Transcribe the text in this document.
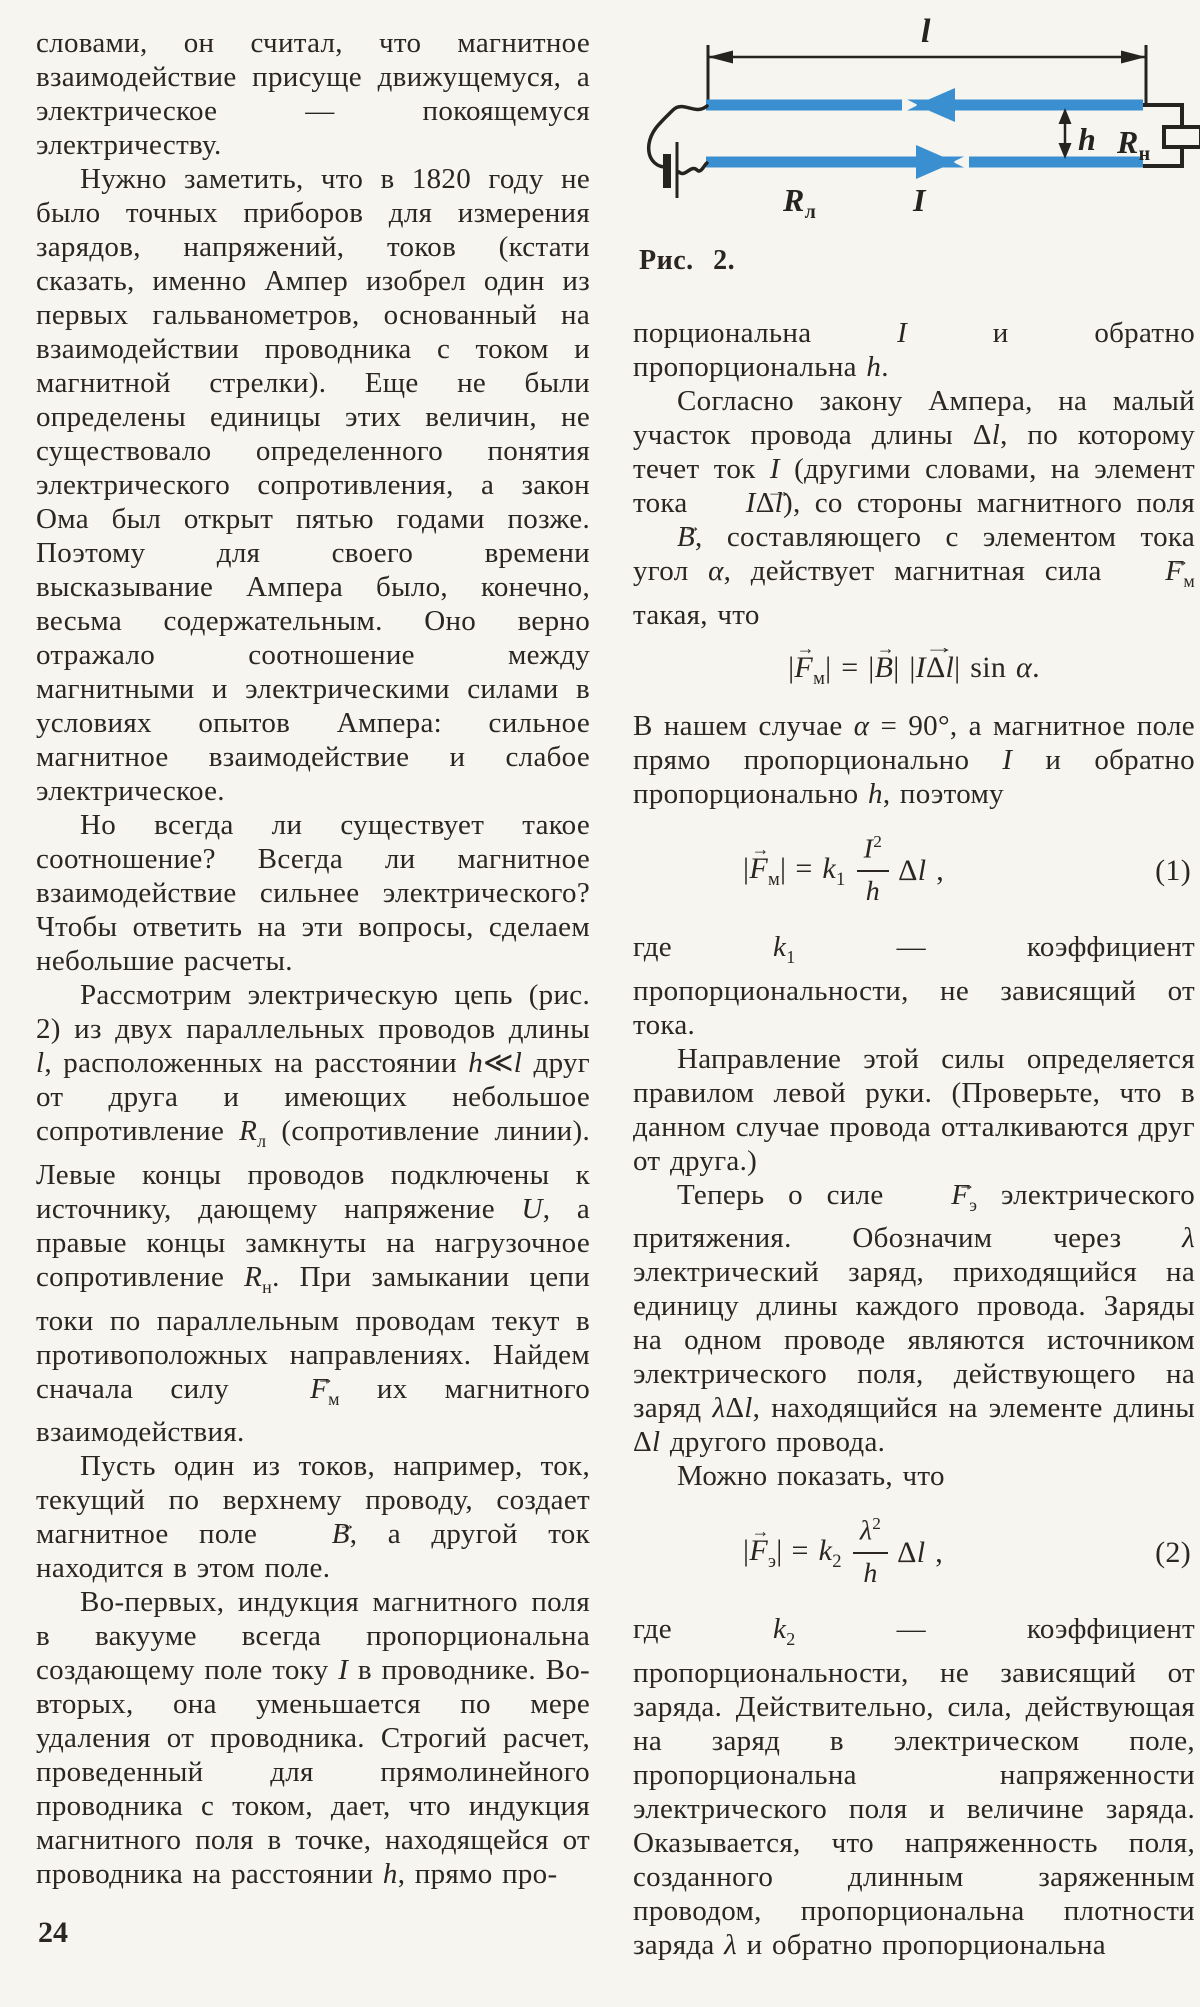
словами, он считал, что магнитное взаимодействие присуще движущемуся, а электрическое — покоящемуся электричеству.

Нужно заметить, что в 1820 году не было точных приборов для измерения зарядов, напряжений, токов (кстати сказать, именно Ампер изобрел один из первых гальванометров, основанный на взаимодействии проводника с током и магнитной стрелки). Еще не были определены единицы этих величин, не существовало определенного понятия электрического сопротивления, а закон Ома был открыт пятью годами позже. Поэтому для своего времени высказывание Ампера было, конечно, весьма содержательным. Оно верно отражало соотношение между магнитными и электрическими силами в условиях опытов Ампера: сильное магнитное взаимодействие и слабое электрическое.

Но всегда ли существует такое соотношение? Всегда ли магнитное взаимодействие сильнее электрического? Чтобы ответить на эти вопросы, сделаем небольшие расчеты.

Рассмотрим электрическую цепь (рис. 2) из двух параллельных проводов длины l, расположенных на расстоянии h≪l друг от друга и имеющих небольшое сопротивление $R_л$ (сопротивление линии). Левые концы проводов подключены к источнику, дающему напряжение U, а правые концы замкнуты на нагрузочное сопротивление $R_н$. При замыкании цепи токи по параллельным проводам текут в противоположных направлениях. Найдем сначала силу $F \to_м$ их магнитного взаимодействия.

Пусть один из токов, например, ток, текущий по верхнему проводу, создает магнитное поле B →, а другой ток находится в этом поле.

Во-первых, индукция магнитного поля в вакууме всегда пропорциональна создающему поле току I в проводнике. Во-вторых, она уменьшается по мере удаления от проводника. Строгий расчет, проведенный для прямолинейного проводника с током, дает, что индукция магнитного поля в точке, находящейся от проводника на расстоянии h, прямо про-

l
h $R_н$
$R_л$	I
Рис. 2.

порциональна I и обратно пропорциональна h.

Согласно закону Ампера, на малый участок провода длины Δl, по которому течет ток I (другими словами, на элемент тока IΔl →), со стороны магнитного поля B →, составляющего с элементом тока угол α, действует магнитная сила $F \to_м$ такая, что

$|F \to_м| = |B$ →| |IΔl →| sin α.

В нашем случае α = 90°, а магнитное поле прямо пропорционально I и обратно пропорционально h, поэтому

$|F \to_м| = k_1 \frac{I^2}{h}$ Δl ,	(1)

где $k_1$ — коэффициент пропорциональности, не зависящий от тока.

Направление этой силы определяется правилом левой руки. (Проверьте, что в данном случае провода отталкиваются друг от друга.)

Теперь о силе $F \to_э$ электрического притяжения. Обозначим через λ электрический заряд, приходящийся на единицу длины каждого провода. Заряды на одном проводе являются источником электрического поля, действующего на заряд λΔl, находящийся на элементе длины Δl другого провода.

Можно показать, что

$|F \to_э| = k_2 \frac{\lambda^2}{h}$ Δl ,	(2)

где $k_2$ — коэффициент пропорциональности, не зависящий от заряда. Действительно, сила, действующая на заряд в электрическом поле, пропорциональна напряженности электрического поля и величине заряда. Оказывается, что напряженность поля, созданного длинным заряженным проводом, пропорциональна плотности заряда λ и обратно пропорциональна

24
